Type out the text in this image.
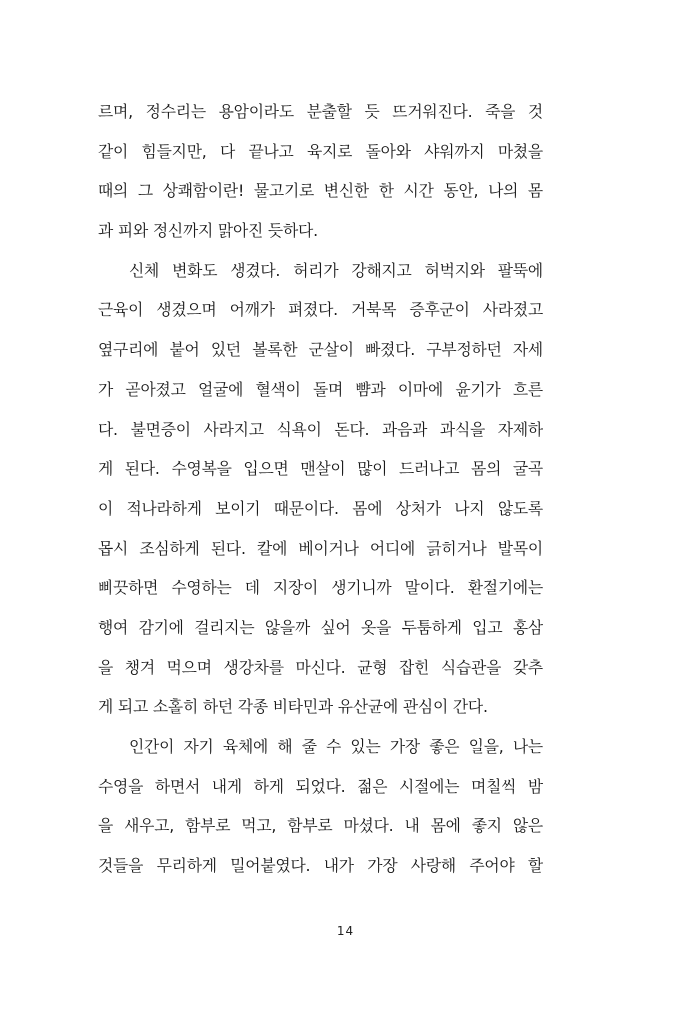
르며, 정수리는 용암이라도 분출할 듯 뜨거워진다. 죽을 것
같이 힘들지만, 다 끝나고 육지로 돌아와 샤워까지 마쳤을
때의 그 상쾌함이란! 물고기로 변신한 한 시간 동안, 나의 몸
과 피와 정신까지 맑아진 듯하다.
신체 변화도 생겼다. 허리가 강해지고 허벅지와 팔뚝에
근육이 생겼으며 어깨가 펴졌다. 거북목 증후군이 사라졌고
옆구리에 붙어 있던 볼록한 군살이 빠졌다. 구부정하던 자세
가 곧아졌고 얼굴에 혈색이 돌며 뺨과 이마에 윤기가 흐른
다. 불면증이 사라지고 식욕이 돈다. 과음과 과식을 자제하
게 된다. 수영복을 입으면 맨살이 많이 드러나고 몸의 굴곡
이 적나라하게 보이기 때문이다. 몸에 상처가 나지 않도록
몹시 조심하게 된다. 칼에 베이거나 어디에 긁히거나 발목이
삐끗하면 수영하는 데 지장이 생기니까 말이다. 환절기에는
행여 감기에 걸리지는 않을까 싶어 옷을 두툼하게 입고 홍삼
을 챙겨 먹으며 생강차를 마신다. 균형 잡힌 식습관을 갖추
게 되고 소홀히 하던 각종 비타민과 유산균에 관심이 간다.
인간이 자기 육체에 해 줄 수 있는 가장 좋은 일을, 나는
수영을 하면서 내게 하게 되었다. 젊은 시절에는 며칠씩 밤
을 새우고, 함부로 먹고, 함부로 마셨다. 내 몸에 좋지 않은
것들을 무리하게 밀어붙였다. 내가 가장 사랑해 주어야 할
14
